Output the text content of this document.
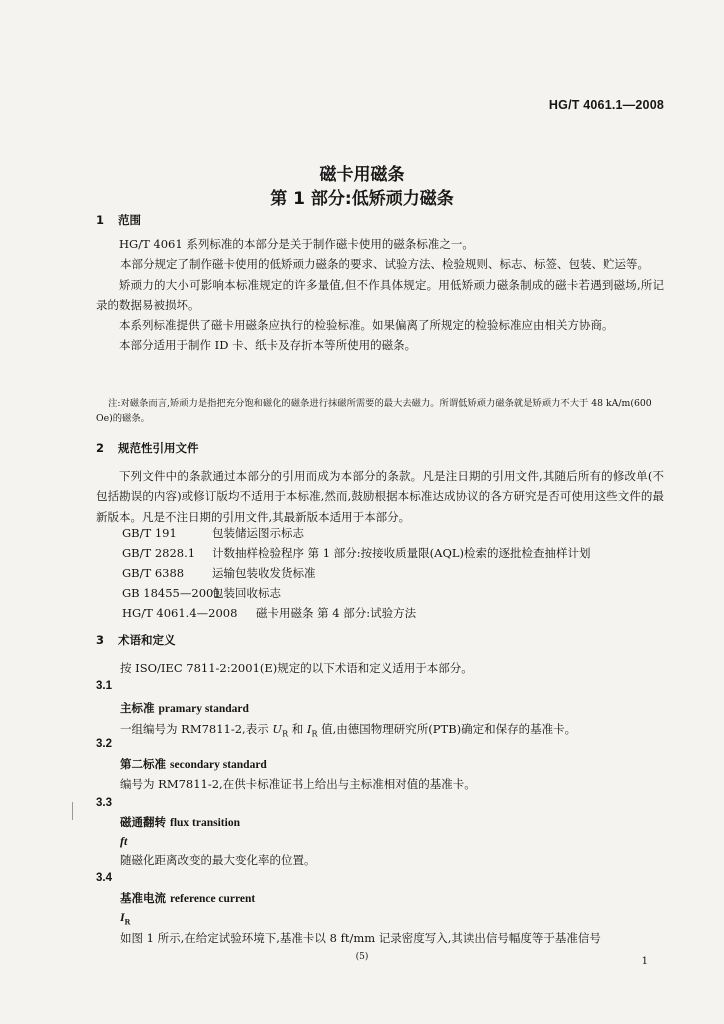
HG/T 4061.1—2008
磁卡用磁条
第 1 部分:低矫顽力磁条
1 范围

HG/T 4061 系列标准的本部分是关于制作磁卡使用的磁条标准之一。

本部分规定了制作磁卡使用的低矫顽力磁条的要求、试验方法、检验规则、标志、标签、包装、贮运等。

矫顽力的大小可影响本标准规定的许多量值,但不作具体规定。用低矫顽力磁条制成的磁卡若遇到磁场,所记录的数据易被损坏。

本系列标准提供了磁卡用磁条应执行的检验标准。如果偏离了所规定的检验标准应由相关方协商。

本部分适用于制作 ID 卡、纸卡及存折本等所使用的磁条。

注:对磁条而言,矫顽力是指把充分饱和磁化的磁条进行抹磁所需要的最大去磁力。所谓低矫顽力磁条就是矫顽力不大于 48 kA/m(600 Oe)的磁条。

2 规范性引用文件

下列文件中的条款通过本部分的引用而成为本部分的条款。凡是注日期的引用文件,其随后所有的修改单(不包括勘误的内容)或修订版均不适用于本标准,然而,鼓励根据本标准达成协议的各方研究是否可使用这些文件的最新版本。凡是不注日期的引用文件,其最新版本适用于本部分。

GB/T 191	包装储运图示标志
GB/T 2828.1 计数抽样检验程序 第 1 部分:按接收质量限(AQL)检索的逐批检查抽样计划
GB/T 6388 运输包装收发货标准
GB 18455—2001包装回收标志
HG/T 4061.4—2008 磁卡用磁条 第 4 部分:试验方法
3 术语和定义
按 ISO/IEC 7811-2:2001(E)规定的以下术语和定义适用于本部分。
3.1
主标准 pramary standard
一组编号为 RM7811-2,表示 $U_R$ 和 $I_R$ 值,由德国物理研究所(PTB)确定和保存的基准卡。
3.2
第二标准 secondary standard
编号为 RM7811-2,在供卡标准证书上给出与主标准相对值的基准卡。
3.3
磁通翻转 flux transition
ft
随磁化距离改变的最大变化率的位置。
3.4
基准电流 reference current
$I_R$
如图 1 所示,在给定试验环境下,基准卡以 8 ft/mm 记录密度写入,其读出信号幅度等于基准信号
(5)	1
